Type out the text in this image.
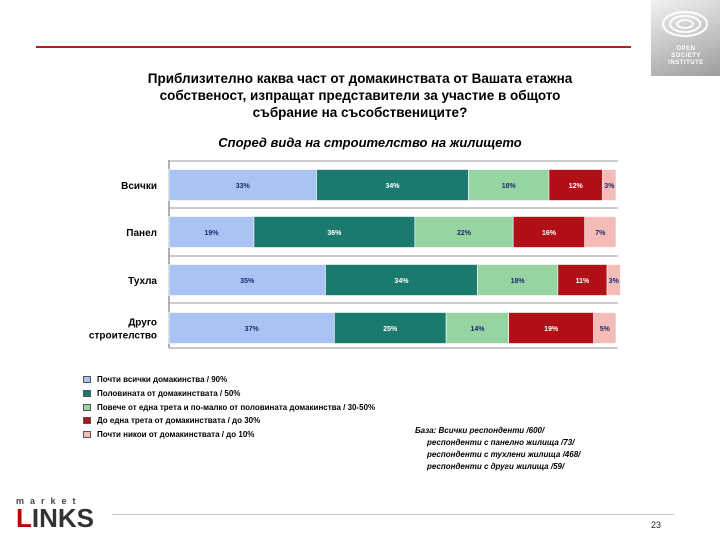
OPEN
SOCIETY
INSTITUTE
Приблизително каква част от домакинствата от Вашата етажна
собственост, изпращат представители за участие в общото
събрание на съсобствениците?
Според вида на строителство на жилището
33%	34%	18%	12%	3%
Всички
19%	36%	22%	16%	7%
Панел
35%	34%	18%	11%	3%
Тухла
37%	25%	14%	19%	5%
Друго
строителство
Почти всички домакинства / 90%
Половината от домакинствата / 50%
Повече от една трета и по-малко от половината домакинства / 30-50%
До една трета от домакинствата / до 30%
Почти никои от домакинствата / до 10%	База: Всички респонденти /600/
респонденти с панелно жилища /73/
респонденти с тухлени жилища /468/
респонденти с други жилища /59/
market
LINKS	23
